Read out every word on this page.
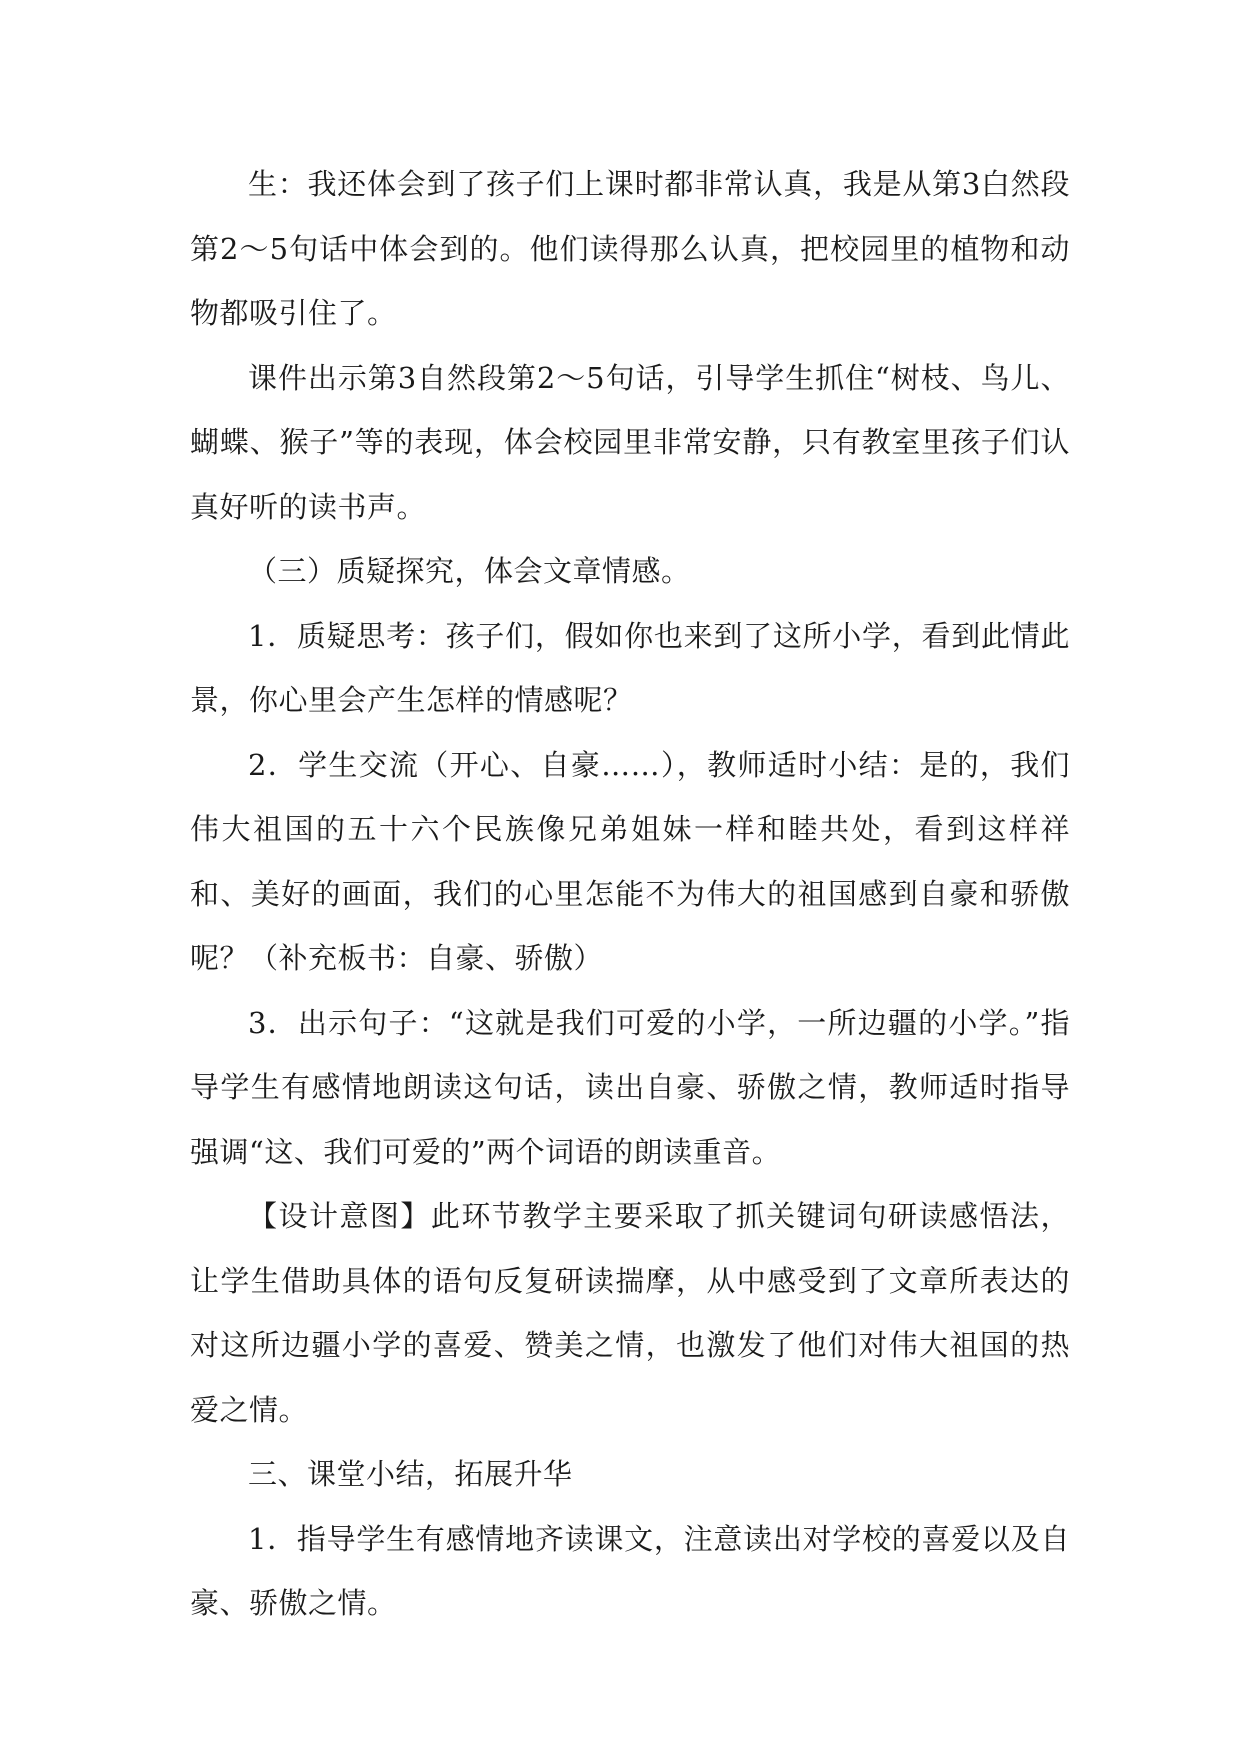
生：我还体会到了孩子们上课时都非常认真，我是从第3白然段第2～5句话中体会到的。他们读得那么认真，把校园里的植物和动物都吸引住了。

课件出示第3自然段第2～5句话，引导学生抓住“树枝、鸟儿、蝴蝶、猴子”等的表现，体会校园里非常安静，只有教室里孩子们认真好听的读书声。

（三）质疑探究，体会文章情感。

1．质疑思考：孩子们，假如你也来到了这所小学，看到此情此景，你心里会产生怎样的情感呢？

2．学生交流（开心、自豪……），教师适时小结：是的，我们伟大祖国的五十六个民族像兄弟姐妹一样和睦共处，看到这样祥和、美好的画面，我们的心里怎能不为伟大的祖国感到自豪和骄傲呢？（补充板书：自豪、骄傲）

3．出示句子：“这就是我们可爱的小学，一所边疆的小学。”指导学生有感情地朗读这句话，读出自豪、骄傲之情，教师适时指导强调“这、我们可爱的”两个词语的朗读重音。

【设计意图】此环节教学主要采取了抓关键词句研读感悟法，让学生借助具体的语句反复研读揣摩，从中感受到了文章所表达的对这所边疆小学的喜爱、赞美之情，也激发了他们对伟大祖国的热爱之情。

三、课堂小结，拓展升华

1．指导学生有感情地齐读课文，注意读出对学校的喜爱以及自豪、骄傲之情。
